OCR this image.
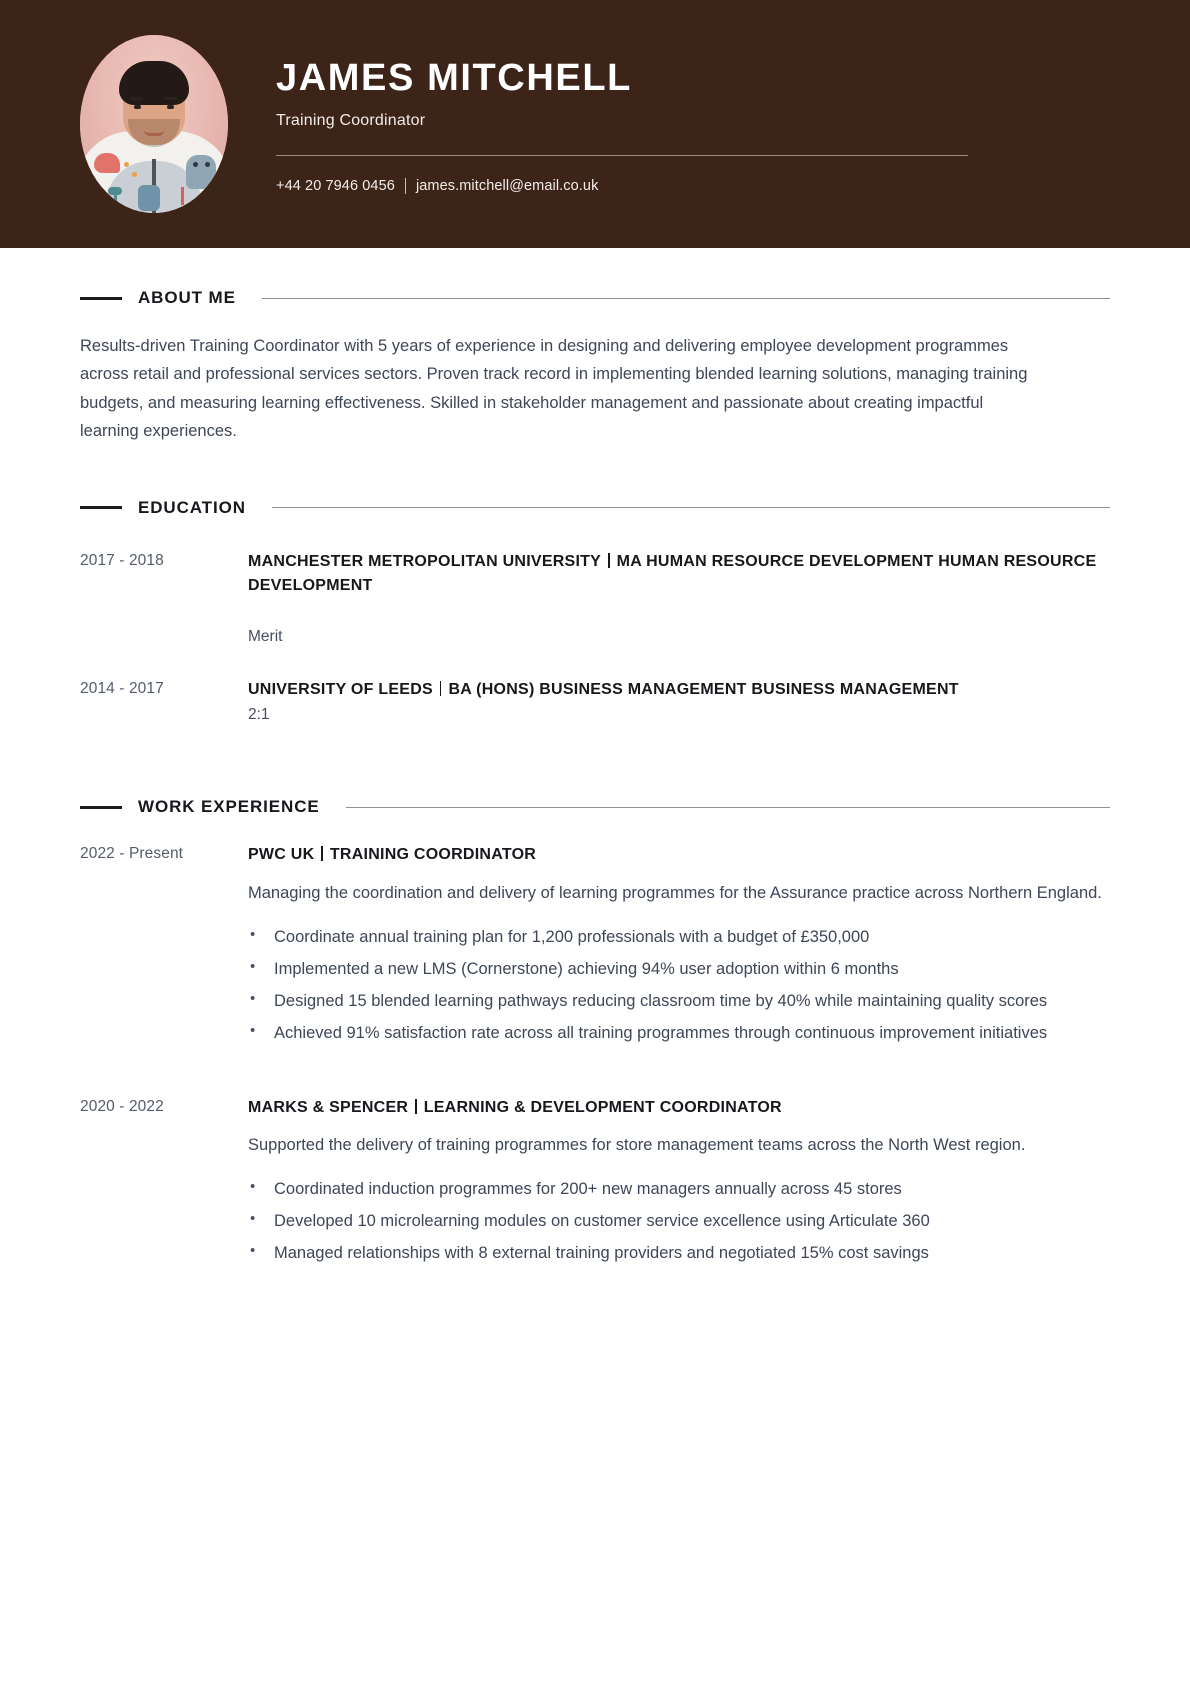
JAMES MITCHELL
Training Coordinator
+44 20 7946 0456 james.mitchell@email.co.uk
ABOUT ME

Results-driven Training Coordinator with 5 years of experience in designing and delivering employee development programmes across retail and professional services sectors. Proven track record in implementing blended learning solutions, managing training budgets, and measuring learning effectiveness. Skilled in stakeholder management and passionate about creating impactful learning experiences.

EDUCATION
2017 - 2018	MANCHESTER METROPOLITAN UNIVERSITY MA HUMAN RESOURCE DEVELOPMENT HUMAN RESOURCE DEVELOPMENT
Merit
2014 - 2017	UNIVERSITY OF LEEDS BA (HONS) BUSINESS MANAGEMENT BUSINESS MANAGEMENT
2:1
WORK EXPERIENCE
2022 - Present	PWC UK TRAINING COORDINATOR
Managing the coordination and delivery of learning programmes for the Assurance practice across Northern England.
• Coordinate annual training plan for 1,200 professionals with a budget of £350,000
• Implemented a new LMS (Cornerstone) achieving 94% user adoption within 6 months
• Designed 15 blended learning pathways reducing classroom time by 40% while maintaining quality scores
• Achieved 91% satisfaction rate across all training programmes through continuous improvement initiatives
2020 - 2022	MARKS & SPENCER LEARNING & DEVELOPMENT COORDINATOR
Supported the delivery of training programmes for store management teams across the North West region.
• Coordinated induction programmes for 200+ new managers annually across 45 stores
• Developed 10 microlearning modules on customer service excellence using Articulate 360
• Managed relationships with 8 external training providers and negotiated 15% cost savings
